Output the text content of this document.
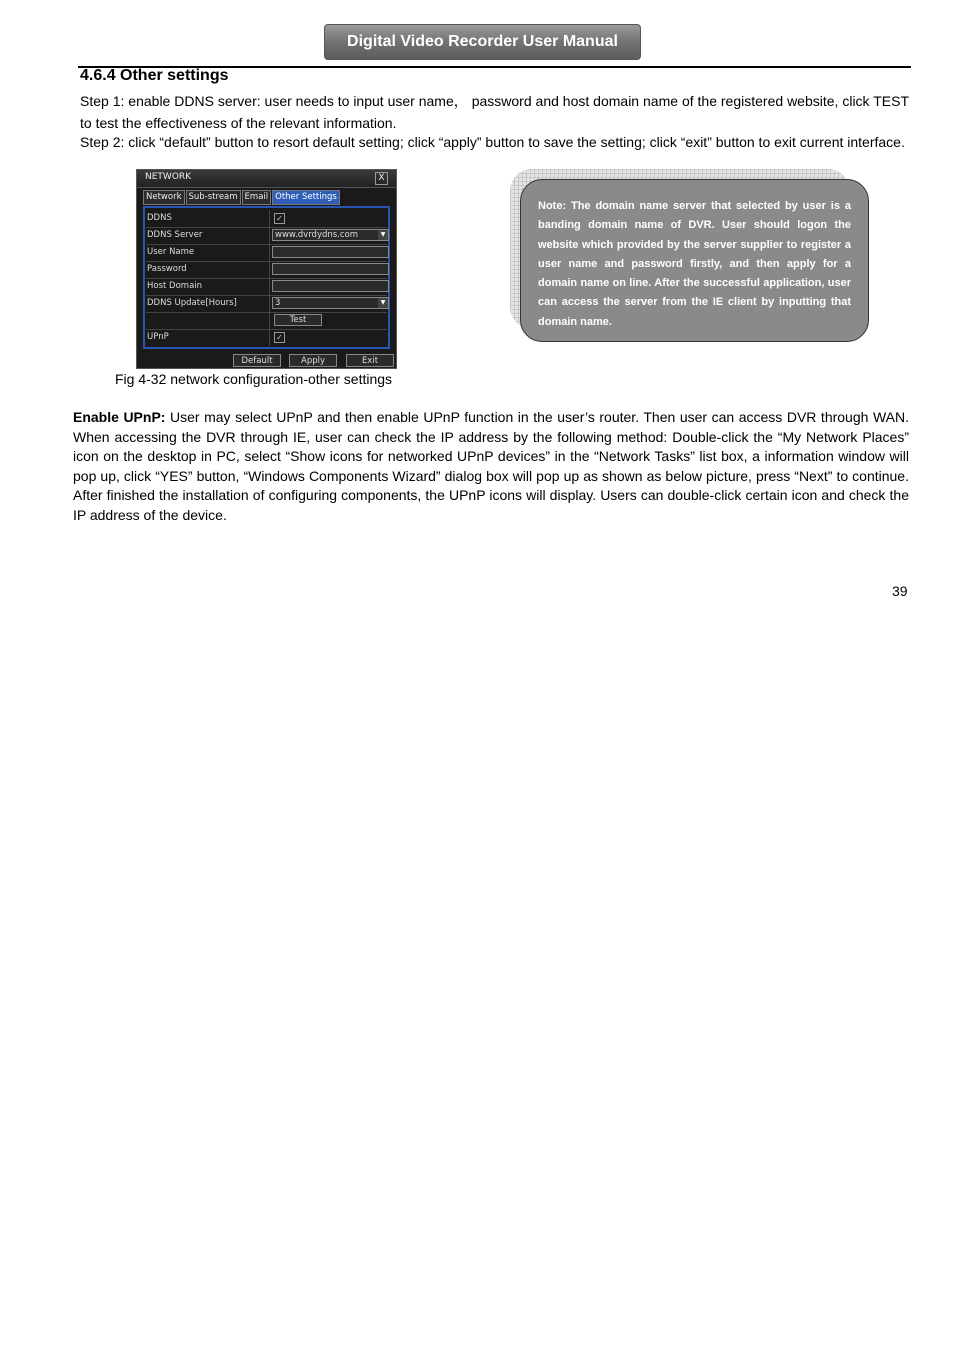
Digital Video Recorder User Manual
4.6.4 Other settings
Step 1: enable DDNS server: user needs to input user name， password and host domain name of the registered website, click TEST to test the effectiveness of the relevant information.
Step 2: click “default” button to resort default setting; click “apply” button to save the setting; click “exit” button to exit current interface.
NETWORK	X
Network Sub-stream Email Other Settings
DDNS	✓
DDNS Server	www.dvrdydns.com	▼
User Name
Password
Host Domain
DDNS Update[Hours]	3	▼
Test
UPnP	✓
Default	Apply	Exit
Fig 4-32 network configuration-other settings
Note: The domain name server that selected by user is a banding domain name of DVR. User should logon the website which provided by the server supplier to register a user name and password firstly, and then apply for a domain name on line. After the successful application, user can access the server from the IE client by inputting that domain name.
Enable UPnP: User may select UPnP and then enable UPnP function in the user’s router. Then user can access DVR through WAN. When accessing the DVR through IE, user can check the IP address by the following method: Double-click the “My Network Places” icon on the desktop in PC, select “Show icons for networked UPnP devices” in the “Network Tasks” list box, a information window will pop up, click “YES” button, “Windows Components Wizard” dialog box will pop up as shown as below picture, press “Next” to continue. After finished the installation of configuring components, the UPnP icons will display. Users can double-click certain icon and check the IP address of the device.
39
